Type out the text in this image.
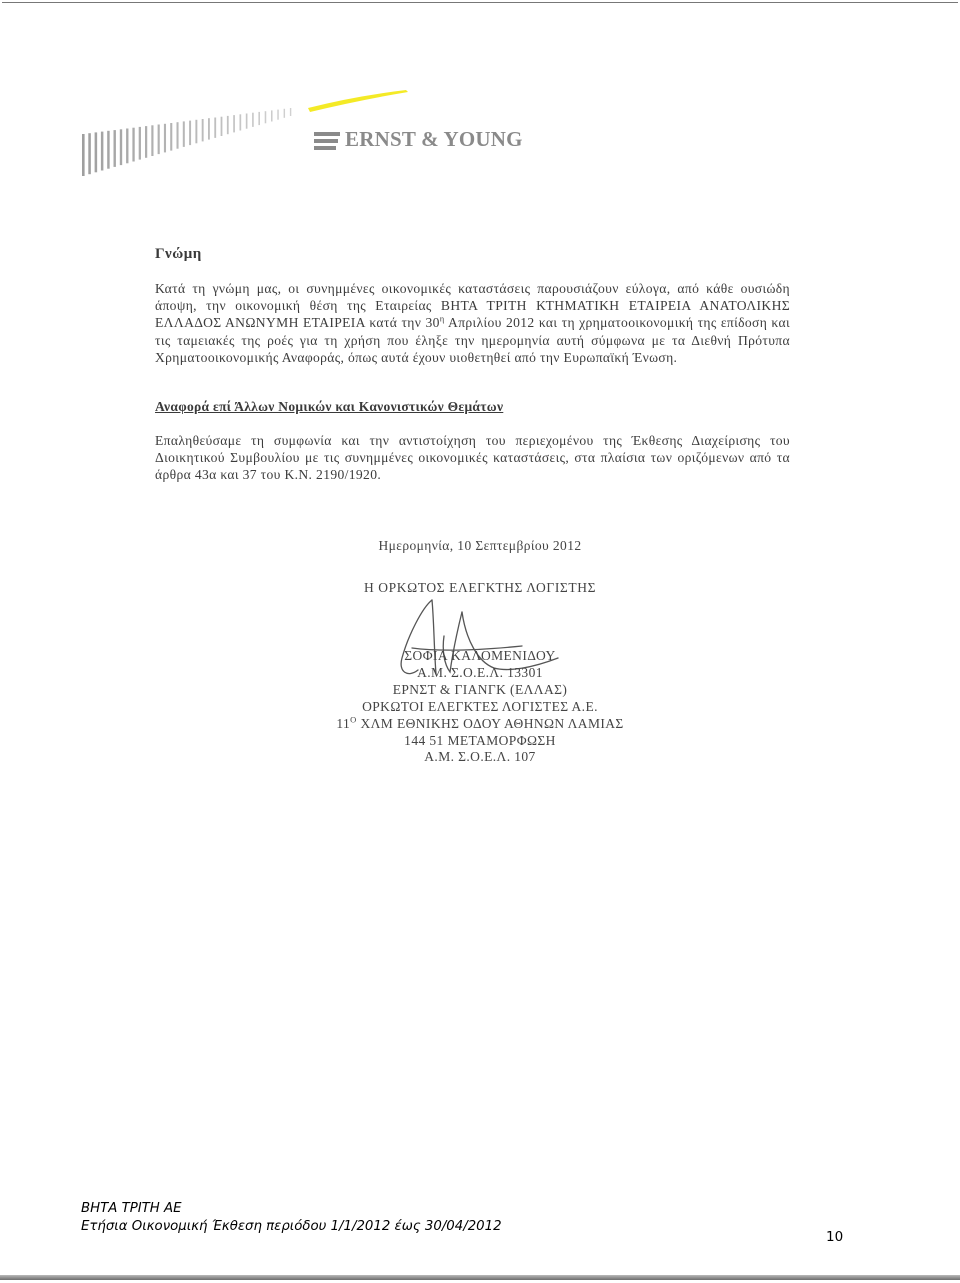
ERNST & YOUNG
Γνώμη

Κατά τη γνώμη μας, οι συνημμένες οικονομικές καταστάσεις παρουσιάζουν εύλογα, από κάθε ουσιώδη άποψη, την οικονομική θέση της Εταιρείας ΒΗΤΑ ΤΡΙΤΗ ΚΤΗΜΑΤΙΚΗ ΕΤΑΙΡΕΙΑ ΑΝΑΤΟΛΙΚΗΣ ΕΛΛΑΔΟΣ ΑΝΩΝΥΜΗ ΕΤΑΙΡΕΙΑ κατά την $30^\eta$ Απριλίου 2012 και τη χρηματοοικονομική της επίδοση και τις ταμειακές της ροές για τη χρήση που έληξε την ημερομηνία αυτή σύμφωνα με τα Διεθνή Πρότυπα Χρηματοοικονομικής Αναφοράς, όπως αυτά έχουν υιοθετηθεί από την Ευρωπαϊκή Ένωση.

Αναφορά επί Άλλων Νομικών και Κανονιστικών Θεμάτων

Επαληθεύσαμε τη συμφωνία και την αντιστοίχηση του περιεχομένου της Έκθεσης Διαχείρισης του Διοικητικού Συμβουλίου με τις συνημμένες οικονομικές καταστάσεις, στα πλαίσια των οριζόμενων από τα άρθρα 43α και 37 του Κ.Ν. 2190/1920.

Ημερομηνία, 10 Σεπτεμβρίου 2012
Η ΟΡΚΩΤΟΣ ΕΛΕΓΚΤΗΣ ΛΟΓΙΣΤΗΣ
ΣΟΦΙΑ ΚΑΛΟΜΕΝΙΔΟΥ
Α.Μ. Σ.Ο.Ε.Λ. 13301
ΕΡΝΣΤ & ΓΙΑΝΓΚ (ΕΛΛΑΣ)
ΟΡΚΩΤΟΙ ΕΛΕΓΚΤΕΣ ΛΟΓΙΣΤΕΣ Α.Ε.
$11^O$ ΧΛΜ ΕΘΝΙΚΗΣ ΟΔΟΥ ΑΘΗΝΩΝ ΛΑΜΙΑΣ
144 51 ΜΕΤΑΜΟΡΦΩΣΗ
Α.Μ. Σ.Ο.Ε.Λ. 107
ΒΗΤΑ ΤΡΙΤΗ ΑΕ
Ετήσια Οικονομική Έκθεση περιόδου 1/1/2012 έως 30/04/2012
10
